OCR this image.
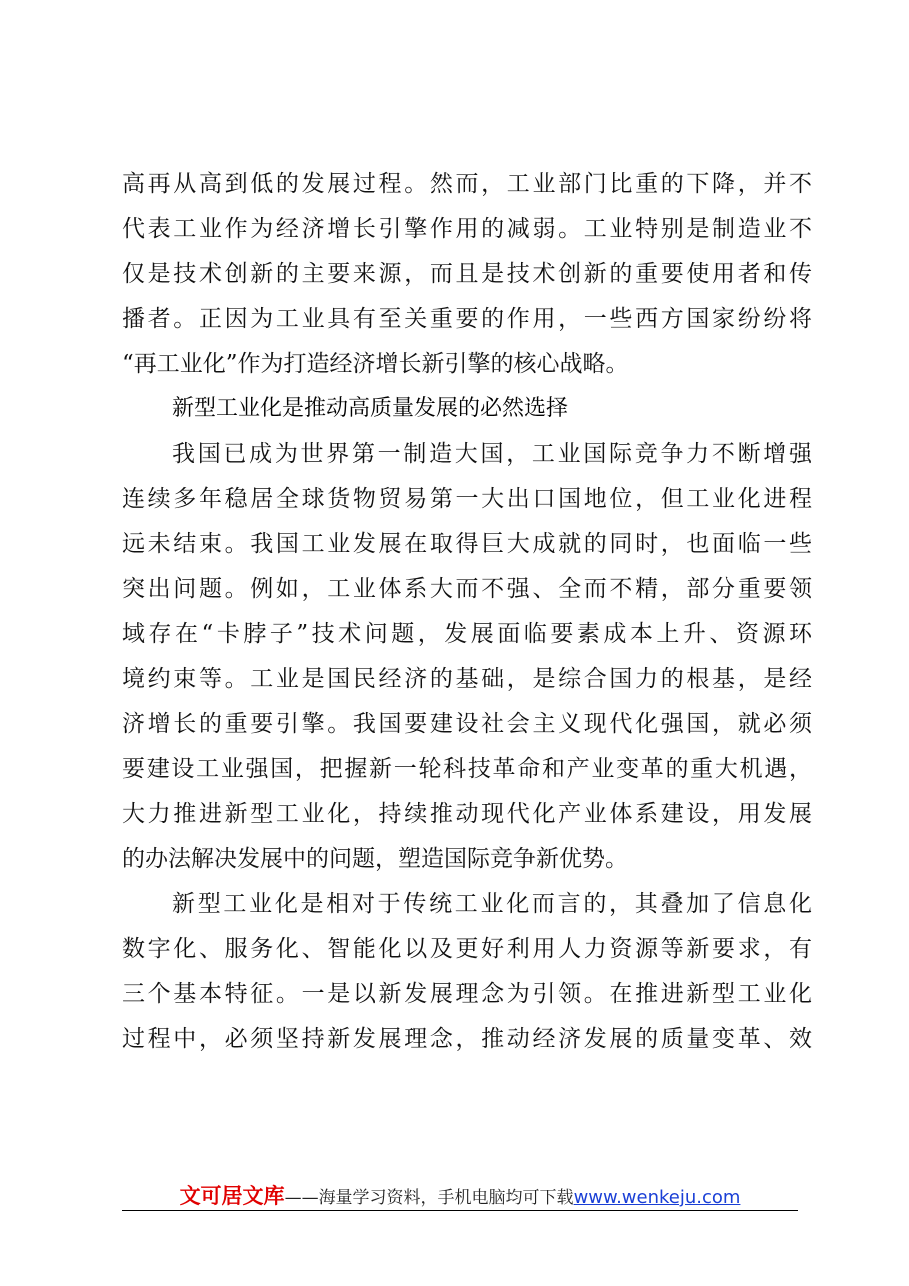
高再从高到低的发展过程。然而，工业部门比重的下降，并不
代表工业作为经济增长引擎作用的减弱。工业特别是制造业不
仅是技术创新的主要来源，而且是技术创新的重要使用者和传
播者。正因为工业具有至关重要的作用，一些西方国家纷纷将
“再工业化”作为打造经济增长新引擎的核心战略。
新型工业化是推动高质量发展的必然选择
我国已成为世界第一制造大国，工业国际竞争力不断增强
连续多年稳居全球货物贸易第一大出口国地位，但工业化进程
远未结束。我国工业发展在取得巨大成就的同时，也面临一些
突出问题。例如，工业体系大而不强、全而不精，部分重要领
域存在“卡脖子”技术问题，发展面临要素成本上升、资源环
境约束等。工业是国民经济的基础，是综合国力的根基，是经
济增长的重要引擎。我国要建设社会主义现代化强国，就必须
要建设工业强国，把握新一轮科技革命和产业变革的重大机遇，
大力推进新型工业化，持续推动现代化产业体系建设，用发展
的办法解决发展中的问题，塑造国际竞争新优势。
新型工业化是相对于传统工业化而言的，其叠加了信息化
数字化、服务化、智能化以及更好利用人力资源等新要求，有
三个基本特征。一是以新发展理念为引领。在推进新型工业化
过程中，必须坚持新发展理念，推动经济发展的质量变革、效
文可居文库——海量学习资料，手机电脑均可下载www.wenkeju.com
